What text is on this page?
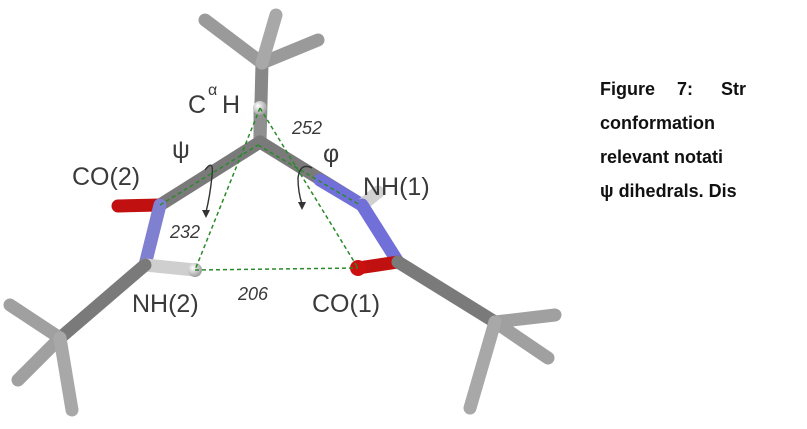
C
α
H
ψ	φ
CO(2)	NH(1)
NH(2)	CO(1)
252
232
206
Figure 7: Str
conformation
relevant notati
ψ dihedrals. Dis
